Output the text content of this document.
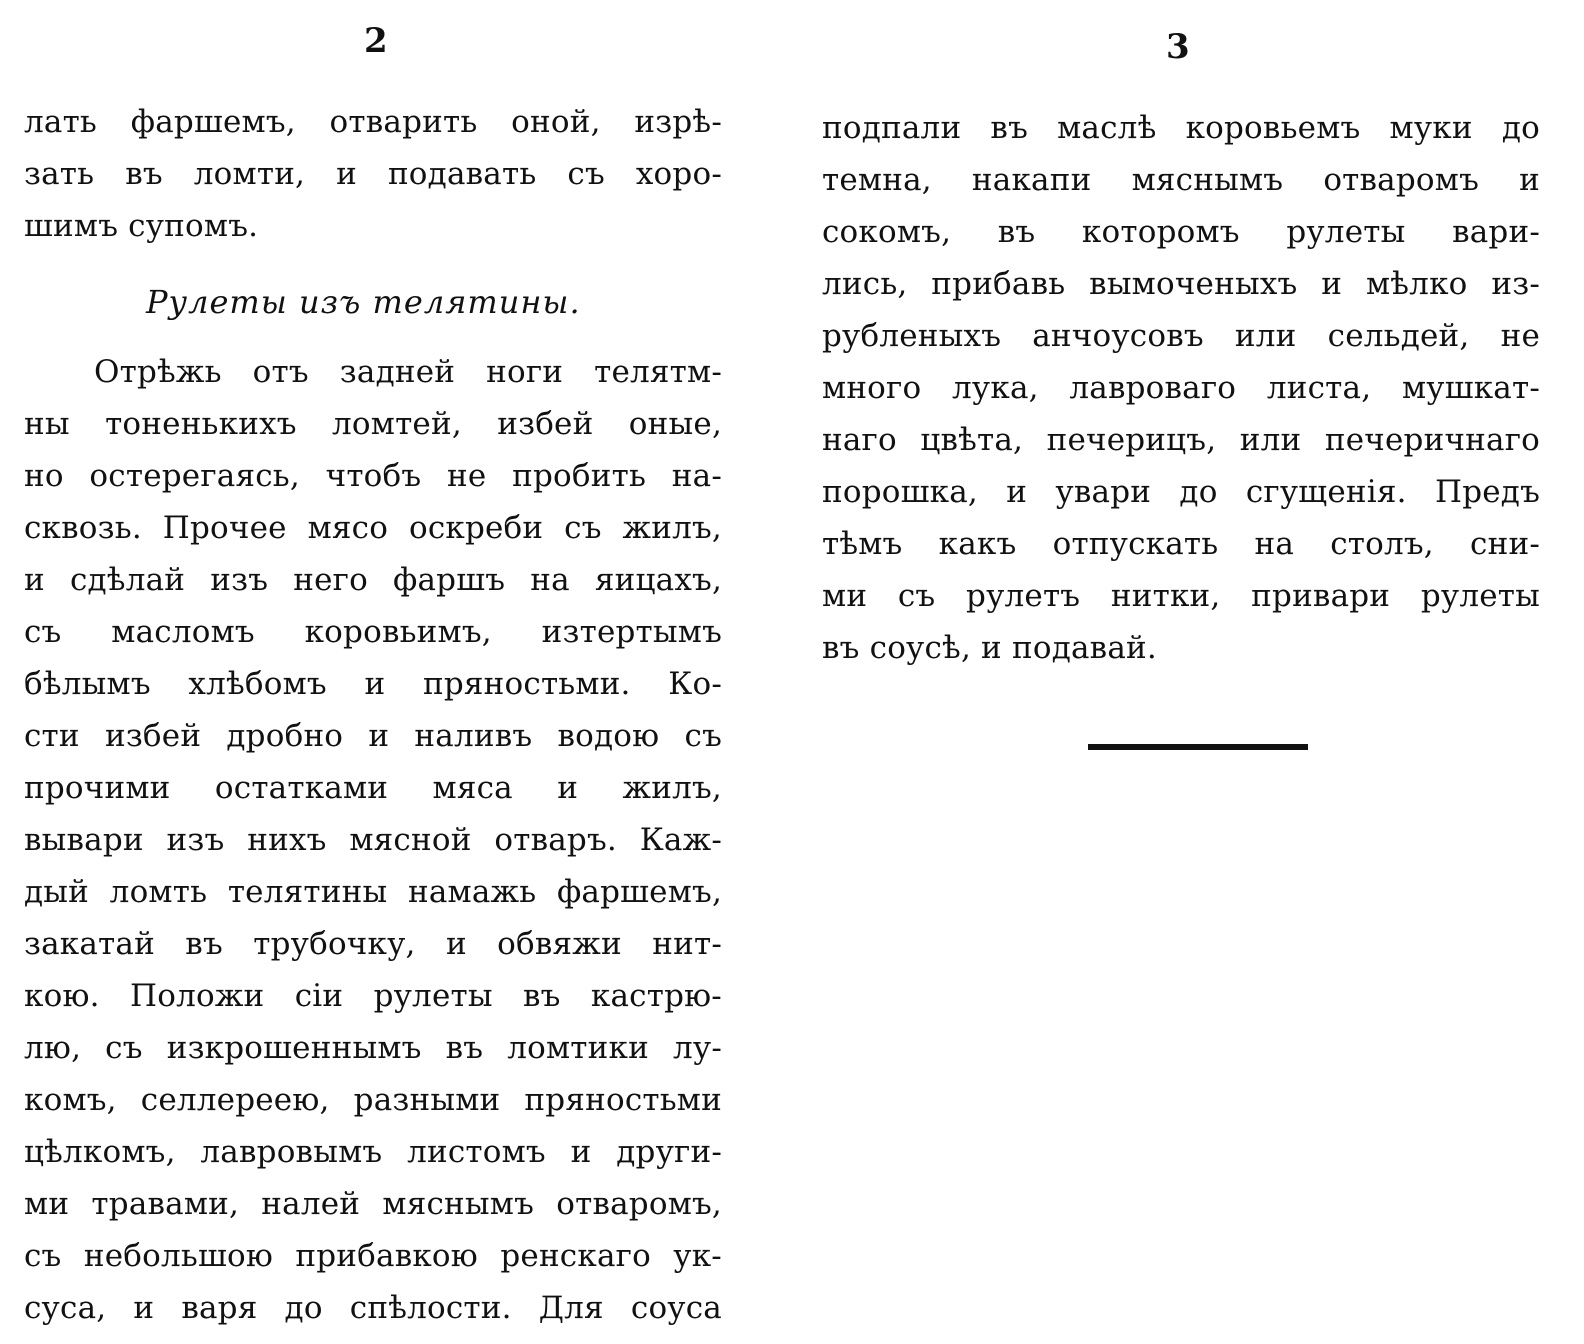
2
лать фаршемъ, отварить оной, изрѣ-
зать въ ломти, и подавать съ хоро-
шимъ супомъ.
Рулеты изъ телятины.
Отрѣжь отъ задней ноги телятм-
ны тоненькихъ ломтей, избей оные,
но остерегаясь, чтобъ не пробить на-
сквозь. Прочее мясо оскреби съ жилъ,
и сдѣлай изъ него фаршъ на яицахъ,
съ масломъ коровьимъ, изтертымъ
бѣлымъ хлѣбомъ и пряностьми. Ко-
сти избей дробно и наливъ водою съ
прочими остатками мяса и жилъ,
вывари изъ нихъ мясной отваръ. Каж-
дый ломть телятины намажь фаршемъ,
закатай въ трубочку, и обвяжи нит-
кою. Положи сіи рулеты въ кастрю-
лю, съ изкрошеннымъ въ ломтики лу-
комъ, селлереею, разными пряностьми
цѣлкомъ, лавровымъ листомъ и други-
ми травами, налей мяснымъ отваромъ,
съ небольшою прибавкою ренскаго ук-
суса, и варя до спѣлости. Для соуса
3
подпали въ маслѣ коровьемъ муки до
темна, накапи мяснымъ отваромъ и
сокомъ, въ которомъ рулеты вари-
лись, прибавь вымоченыхъ и мѣлко из-
рубленыхъ анчоусовъ или сельдей, не
много лука, лавроваго листа, мушкат-
наго цвѣта, печерицъ, или печеричнаго
порошка, и увари до сгущенія. Предъ
тѣмъ какъ отпускать на столъ, сни-
ми съ рулетъ нитки, привари рулеты
въ соусѣ, и подавай.
